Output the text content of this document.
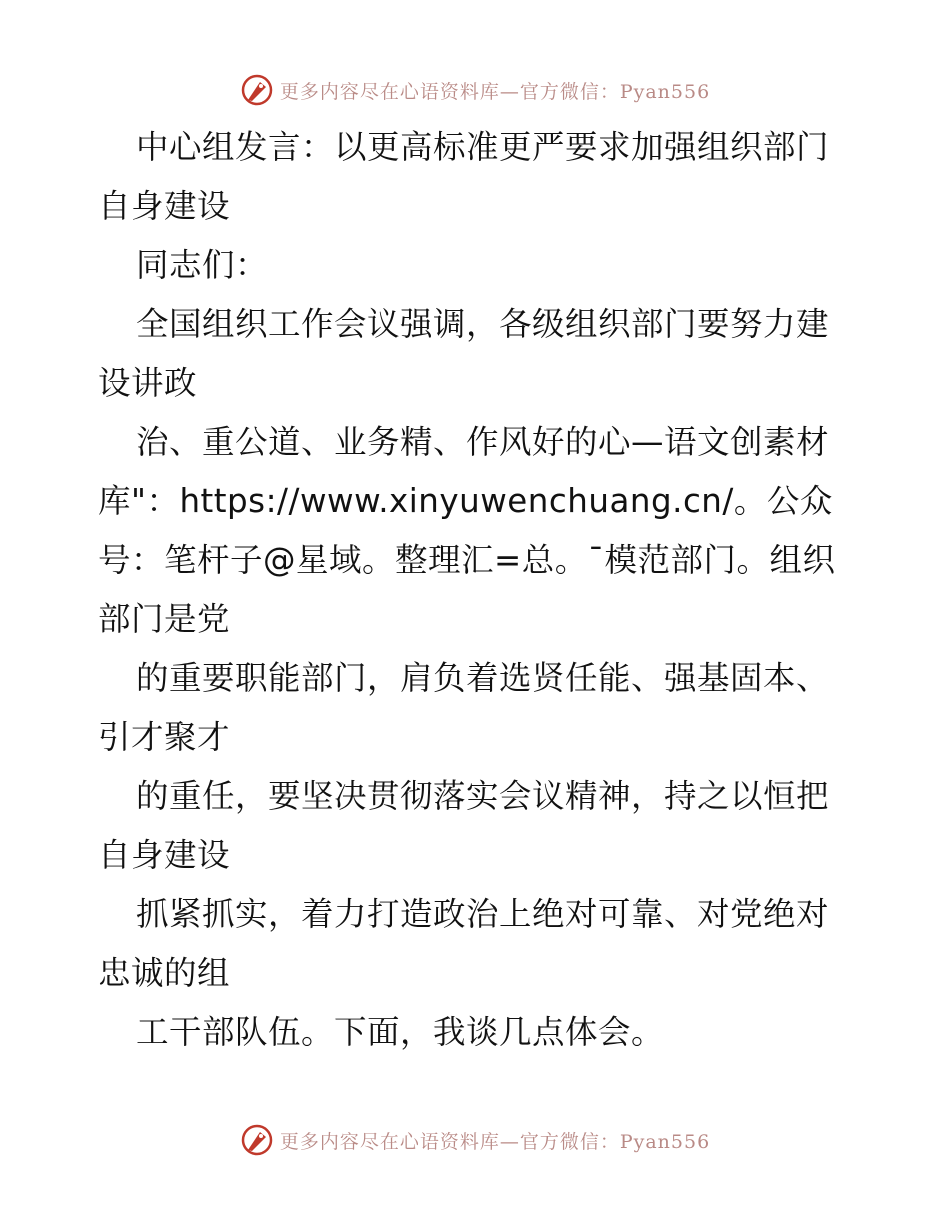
更多内容尽在心语资料库—官方微信：Pyan556
中心组发言：以更高标准更严要求加强组织部门
自身建设
同志们：
全国组织工作会议强调，各级组织部门要努力建
设讲政
治、重公道、业务精、作风好的心—语文创素材
库"：https://www.xinyuwenchuang.cn/。公众
号：笔杆子@星域。整理汇=总。¯模范部门。组织
部门是党
的重要职能部门，肩负着选贤任能、强基固本、
引才聚才
的重任，要坚决贯彻落实会议精神，持之以恒把
自身建设
抓紧抓实，着力打造政治上绝对可靠、对党绝对
忠诚的组
工干部队伍。下面，我谈几点体会。
更多内容尽在心语资料库—官方微信：Pyan556
